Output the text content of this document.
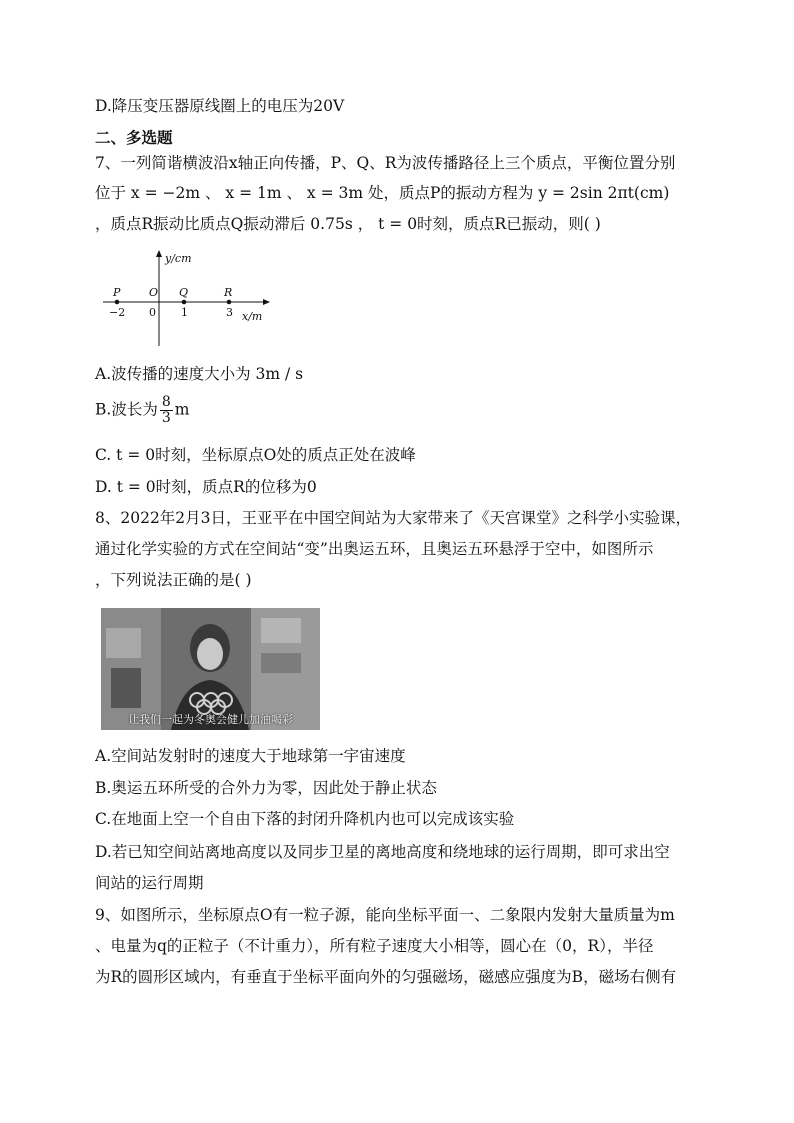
D.降压变压器原线圈上的电压为20V
二、多选题
7、一列简谐横波沿x轴正向传播，P、Q、R为波传播路径上三个质点，平衡位置分别
位于 x = −2m 、 x = 1m 、 x = 3m 处，质点P的振动方程为 y = 2sin 2πt(cm)
，质点R振动比质点Q振动滞后 0.75s ， t = 0时刻，质点R已振动，则( )
y/cm
x/m
P
−2
O
0
Q
1
R
3
A.波传播的速度大小为 3m / s
B.波长为 $\frac{8}{3}$ m
C. t = 0时刻，坐标原点O处的质点正处在波峰
D. t = 0时刻，质点R的位移为0
8、2022年2月3日，王亚平在中国空间站为大家带来了《天宫课堂》之科学小实验课，
通过化学实验的方式在空间站“变”出奥运五环，且奥运五环悬浮于空中，如图所示
，下列说法正确的是( )
让我们一起为冬奥会健儿加油喝彩
A.空间站发射时的速度大于地球第一宇宙速度
B.奥运五环所受的合外力为零，因此处于静止状态
C.在地面上空一个自由下落的封闭升降机内也可以完成该实验
D.若已知空间站离地高度以及同步卫星的离地高度和绕地球的运行周期，即可求出空
间站的运行周期
9、如图所示，坐标原点O有一粒子源，能向坐标平面一、二象限内发射大量质量为m
、电量为q的正粒子（不计重力），所有粒子速度大小相等，圆心在（0，R），半径
为R的圆形区域内，有垂直于坐标平面向外的匀强磁场，磁感应强度为B，磁场右侧有
